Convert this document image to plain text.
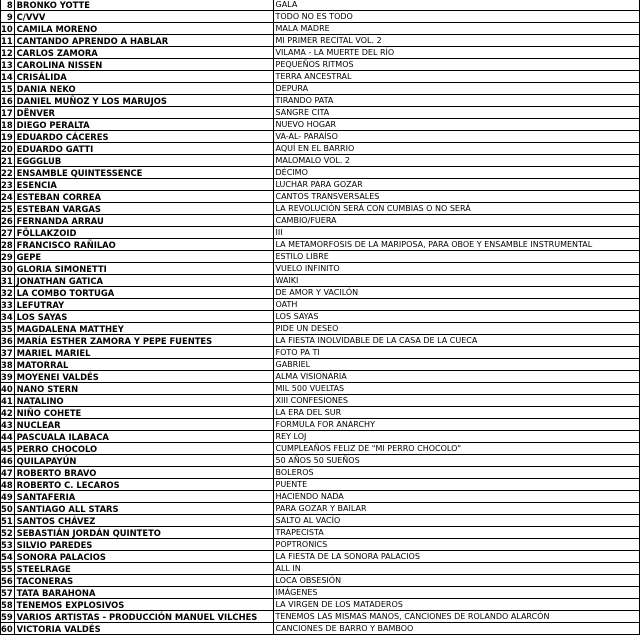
8	BRONKO YOTTE	GALA
9	C/VVV	TODO NO ES TODO
10	CAMILA MORENO	MALA MADRE
11	CANTANDO APRENDO A HABLAR	MI PRIMER RECITAL VOL. 2
12	CARLOS ZAMORA	VILAMA - LA MUERTE DEL RÍO
13	CAROLINA NISSEN	PEQUEÑOS RITMOS
14	CRISÁLIDA	TERRA ANCESTRAL
15	DANIA NEKO	DEPURA
16	DANIEL MUÑOZ Y LOS MARUJOS	TIRANDO PATA
17	DËNVER	SANGRE CITA
18	DIEGO PERALTA	NUEVO HOGAR
19	EDUARDO CÁCERES	VA-AL- PARAÍSO
20	EDUARDO GATTI	AQUÍ EN EL BARRIO
21	EGGGLUB	MALOMALO VOL. 2
22	ENSAMBLE QUINTESSENCE	DÉCIMO
23	ESENCIA	LUCHAR PARA GOZAR
24	ESTEBAN CORREA	CANTOS TRANSVERSALES
25	ESTEBAN VARGAS	LA REVOLUCIÓN SERÁ CON CUMBIAS O NO SERÁ
26	FERNANDA ARRAU	CAMBIO/FUERA
27	FÖLLAKZOID	III
28	FRANCISCO RAÑILAO	LA METAMORFOSIS DE LA MARIPOSA, PARA OBOE Y ENSAMBLE INSTRUMENTAL
29	GEPE	ESTILO LIBRE
30	GLORIA SIMONETTI	VUELO INFINITO
31	JONATHAN GATICA	WAIKI
32	LA COMBO TORTUGA	DE AMOR Y VACILÓN
33	LEFUTRAY	OATH
34	LOS SAYAS	LOS SAYAS
35	MAGDALENA MATTHEY	PIDE UN DESEO
36	MARÍA ESTHER ZAMORA Y PEPE FUENTES	LA FIESTA INOLVIDABLE DE LA CASA DE LA CUECA
37	MARIEL MARIEL	FOTO PA TI
38	MATORRAL	GABRIEL
39	MOYENEI VALDÉS	ALMA VISIONARIA
40	NANO STERN	MIL 500 VUELTAS
41	NATALINO	XIII CONFESIONES
42	NIÑO COHETE	LA ERA DEL SUR
43	NUCLEAR	FORMULA FOR ANARCHY
44	PASCUALA ILABACA	REY LOJ
45	PERRO CHOCOLO	CUMPLEAÑOS FELIZ DE "MI PERRO CHOCOLO"
46	QUILAPAYÚN	50 AÑOS 50 SUEÑOS
47	ROBERTO BRAVO	BOLEROS
48	ROBERTO C. LECAROS	PUENTE
49	SANTAFERIA	HACIENDO NADA
50	SANTIAGO ALL STARS	PARA GOZAR Y BAILAR
51	SANTOS CHÁVEZ	SALTO AL VACÍO
52	SEBASTIÁN JORDÁN QUINTETO	TRAPECISTA
53	SILVIO PAREDES	POPTRONICS
54	SONORA PALACIOS	LA FIESTA DE LA SONORA PALACIOS
55	STEELRAGE	ALL IN
56	TACONERAS	LOCA OBSESIÓN
57	TATA BARAHONA	IMÁGENES
58	TENEMOS EXPLOSIVOS	LA VIRGEN DE LOS MATADEROS
59	VARIOS ARTISTAS - PRODUCCIÓN MANUEL VILCHES	TENEMOS LAS MISMAS MANOS, CANCIONES DE ROLANDO ALARCÓN
60	VICTORIA VALDÉS	CANCIONES DE BARRO Y BAMBOO
